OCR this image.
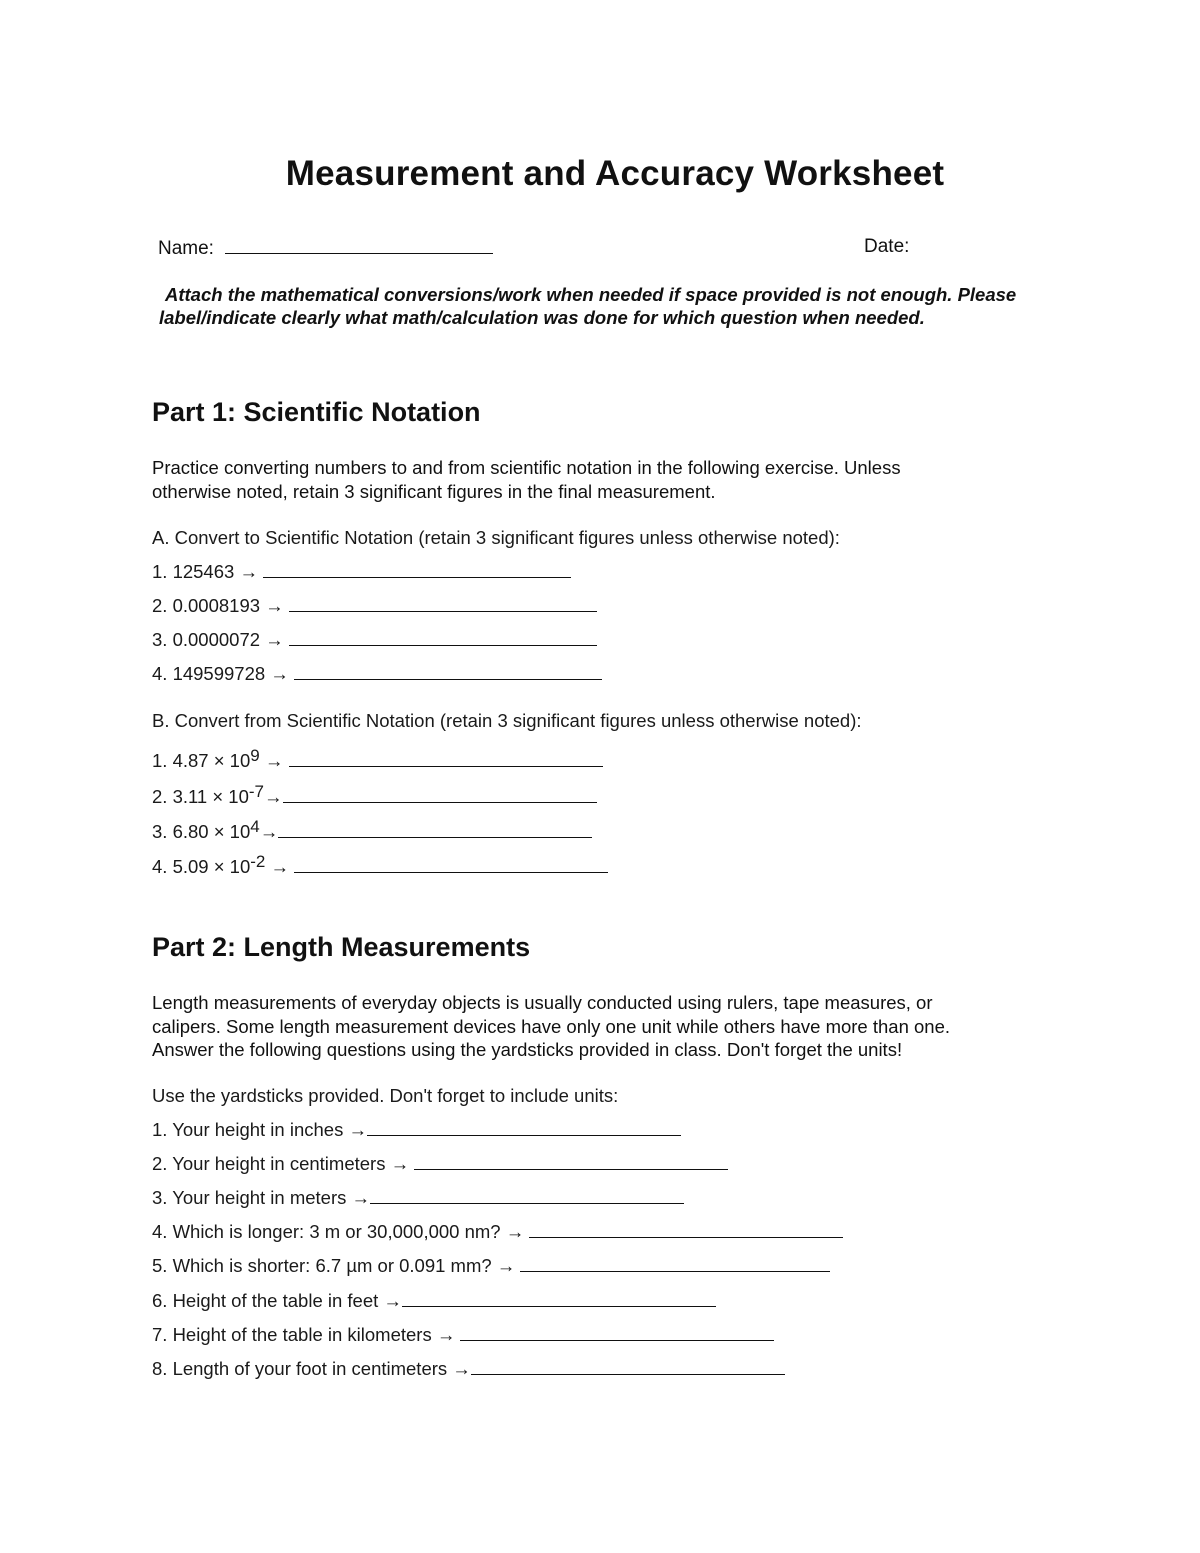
Measurement and Accuracy Worksheet
Name:	Date:
Attach the mathematical conversions/work when needed if space provided is not enough. Please
label/indicate clearly what math/calculation was done for which question when needed.
Part 1: Scientific Notation
Practice converting numbers to and from scientific notation in the following exercise. Unless
otherwise noted, retain 3 significant figures in the final measurement.
A. Convert to Scientific Notation (retain 3 significant figures unless otherwise noted):
1. 125463 →
2. 0.0008193 →
3. 0.0000072 →
4. 149599728 →
B. Convert from Scientific Notation (retain 3 significant figures unless otherwise noted):
1. $4.87 \times 10^9$ →
2. $3.11 \times 10^{-7}\to$
3. $6.80 \times 10^4\to$
4. $5.09 \times 10^{-2}$ →
Part 2: Length Measurements
Length measurements of everyday objects is usually conducted using rulers, tape measures, or
calipers. Some length measurement devices have only one unit while others have more than one.
Answer the following questions using the yardsticks provided in class. Don't forget the units!
Use the yardsticks provided. Don't forget to include units:
1. Your height in inches →
2. Your height in centimeters →
3. Your height in meters →
4. Which is longer: 3 m or 30,000,000 nm? →
5. Which is shorter: 6.7 µm or 0.091 mm? →
6. Height of the table in feet →
7. Height of the table in kilometers →
8. Length of your foot in centimeters →
